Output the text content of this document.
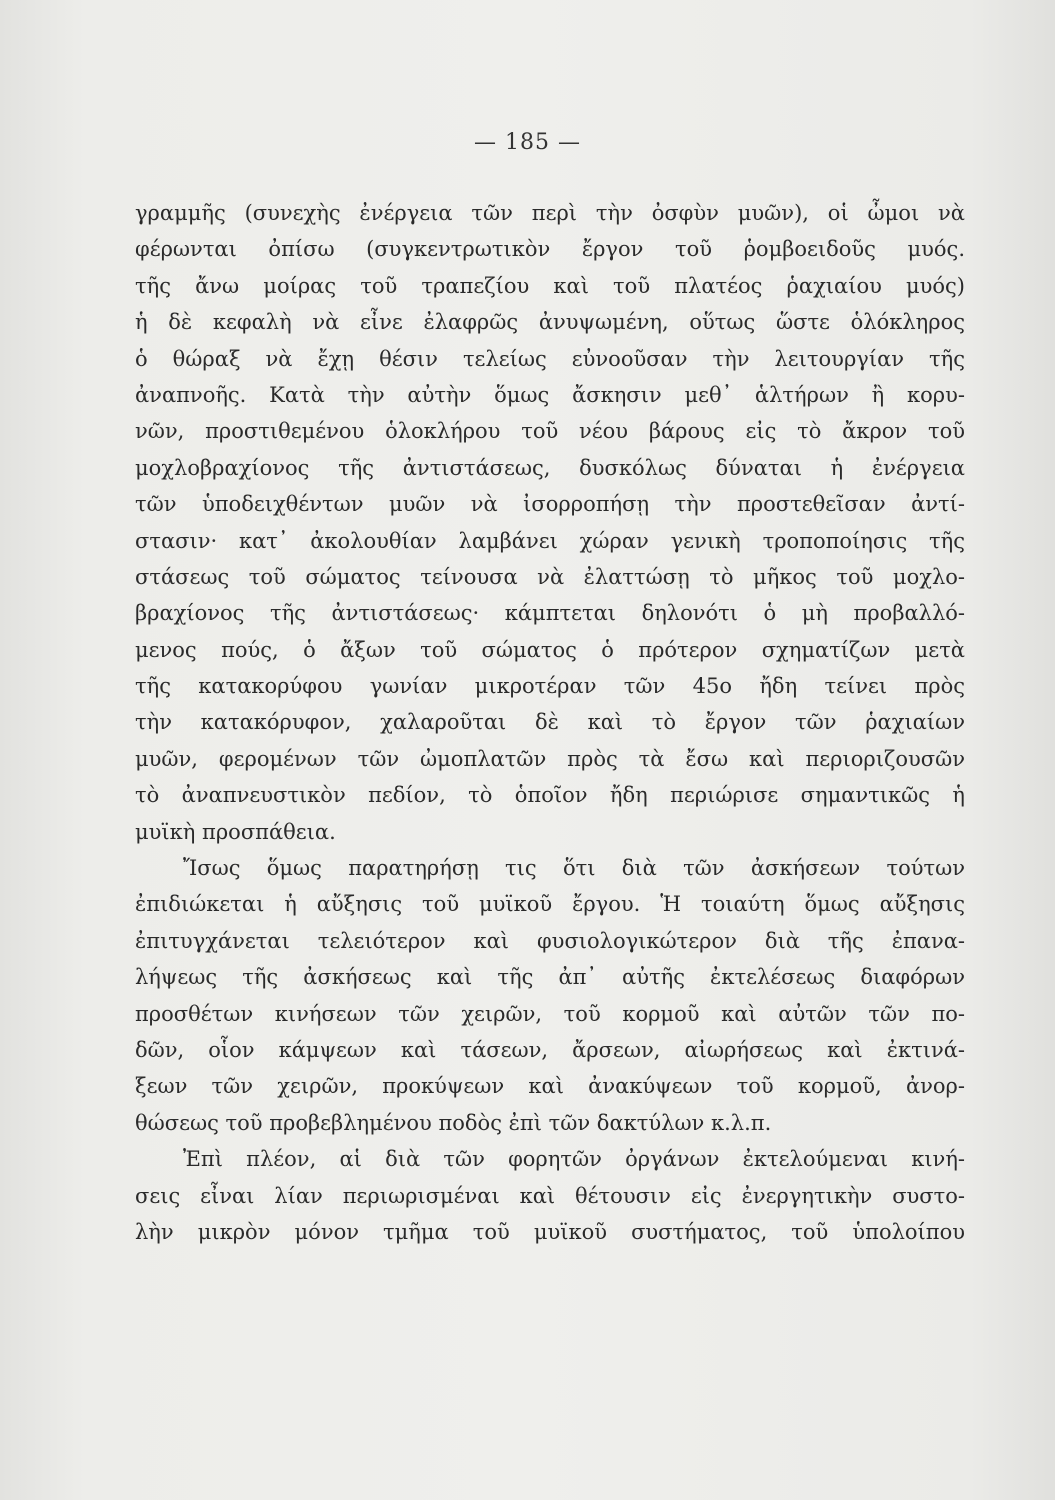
— 185 —
γραμμῆς (συνεχὴς ἐνέργεια τῶν περὶ τὴν ὀσφὺν μυῶν), οἱ ὦμοι νὰ
φέρωνται ὀπίσω (συγκεντρωτικὸν ἔργον τοῦ ῥομβοειδοῦς μυός.
τῆς ἄνω μοίρας τοῦ τραπεζίου καὶ τοῦ πλατέος ῥαχιαίου μυός)
ἡ δὲ κεφαλὴ νὰ εἶνε ἐλαφρῶς ἀνυψωμένη, οὕτως ὥστε ὁλόκληρος
ὁ θώραξ νὰ ἔχῃ θέσιν τελείως εὐνοοῦσαν τὴν λειτουργίαν τῆς
ἀναπνοῆς. Κατὰ τὴν αὐτὴν ὅμως ἄσκησιν μεθ᾽ ἁλτήρων ἢ κορυ-
νῶν, προστιθεμένου ὁλοκλήρου τοῦ νέου βάρους εἰς τὸ ἄκρον τοῦ
μοχλοβραχίονος τῆς ἀντιστάσεως, δυσκόλως δύναται ἡ ἐνέργεια
τῶν ὑποδειχθέντων μυῶν νὰ ἰσορροπήσῃ τὴν προστεθεῖσαν ἀντί-
στασιν· κατ᾽ ἀκολουθίαν λαμβάνει χώραν γενικὴ τροποποίησις τῆς
στάσεως τοῦ σώματος τείνουσα νὰ ἐλαττώσῃ τὸ μῆκος τοῦ μοχλο-
βραχίονος τῆς ἀντιστάσεως· κάμπτεται δηλονότι ὁ μὴ προβαλλό-
μενος πούς, ὁ ἄξων τοῦ σώματος ὁ πρότερον σχηματίζων μετὰ
τῆς κατακορύφου γωνίαν μικροτέραν τῶν 45ο ἤδη τείνει πρὸς
τὴν κατακόρυφον, χαλαροῦται δὲ καὶ τὸ ἔργον τῶν ῥαχιαίων
μυῶν, φερομένων τῶν ὠμοπλατῶν πρὸς τὰ ἔσω καὶ περιοριζουσῶν
τὸ ἀναπνευστικὸν πεδίον, τὸ ὁποῖον ἤδη περιώρισε σημαντικῶς ἡ
μυϊκὴ προσπάθεια.
Ἴσως ὅμως παρατηρήσῃ τις ὅτι διὰ τῶν ἀσκήσεων τούτων
ἐπιδιώκεται ἡ αὔξησις τοῦ μυϊκοῦ ἔργου. Ἡ τοιαύτη ὅμως αὔξησις
ἐπιτυγχάνεται τελειότερον καὶ φυσιολογικώτερον διὰ τῆς ἐπανα-
λήψεως τῆς ἀσκήσεως καὶ τῆς ἀπ᾽ αὐτῆς ἐκτελέσεως διαφόρων
προσθέτων κινήσεων τῶν χειρῶν, τοῦ κορμοῦ καὶ αὐτῶν τῶν πο-
δῶν, οἷον κάμψεων καὶ τάσεων, ἄρσεων, αἰωρήσεως καὶ ἐκτινά-
ξεων τῶν χειρῶν, προκύψεων καὶ ἀνακύψεων τοῦ κορμοῦ, ἀνορ-
θώσεως τοῦ προβεβλημένου ποδὸς ἐπὶ τῶν δακτύλων κ.λ.π.
Ἐπὶ πλέον, αἱ διὰ τῶν φορητῶν ὀργάνων ἐκτελούμεναι κινή-
σεις εἶναι λίαν περιωρισμέναι καὶ θέτουσιν εἰς ἐνεργητικὴν συστο-
λὴν μικρὸν μόνον τμῆμα τοῦ μυϊκοῦ συστήματος, τοῦ ὑπολοίπου
